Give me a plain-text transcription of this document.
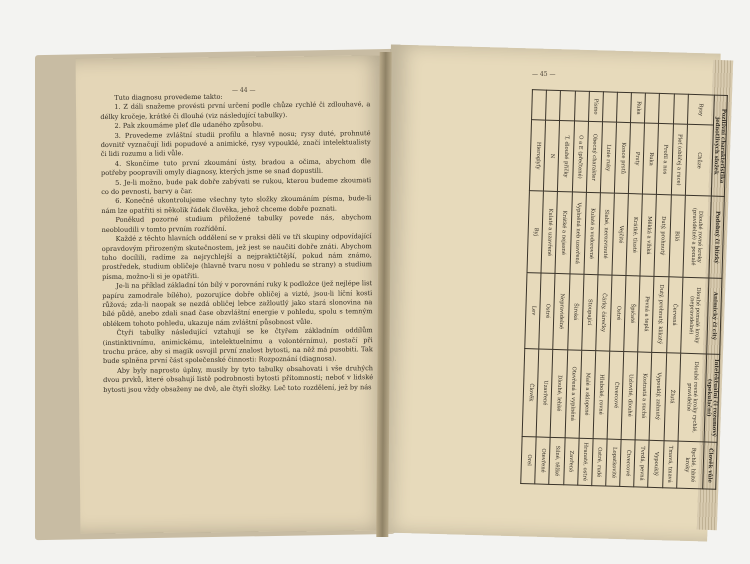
— 44 —

Tuto diagnosu provedeme takto:

1. Z dáli snažeme provésti první určení podle chůze rychlé či zdlouhavé, a délky kročeje, krátké či dlouhé (viz následující tabulky).

2. Pak zkoumáme pleť dle udaného způsobu.

3. Provedeme zvláštní studii profilu a hlavně nosu; rysy duté, prohnuté dovnitř vyznačují lidi popudové a animické, rysy vypouklé, značí intelektualisty či lidi rozumu a lidi vůle.

4. Skončíme tuto první zkoumání ústy, bradou a očima, abychom dle potřeby poopravili omyly diagnosy, kterých jsme se snad dopustili.

5. Je-li možno, bude pak dobře zabývati se rukou, kterou budeme zkoumati co do pevnosti, barvy a čar.

6. Konečně ukontrolujeme všechny tyto složky zkoumáním písma, bude-li nám lze opatřiti si několik řádek člověka, jehož chceme dobře poznati.

Poněkud pozorné studium přiložené tabulky povede nás, abychom neobloudili v tomto prvním rozřídění.

Každé z těchto hlavních oddělení se v praksi dělí ve tři skupiny odpovídající opravdovým přirozeným skutečnostem, jež jest se naučiti dobře znáti. Abychom toho docílili, radíme za nejrychlejší a nejpraktičtější, pokud nám známo, prostředek, studium obličeje (hlavně tvaru nosu v pohledu se strany) a studium písma, možno-li si je opatřiti.

Je-li na příklad základní tón bílý v porovnání ruky k podložce (jež nejlépe list papíru zamodrale bílého), pozorujíce dobře obličej a vizté, jsou-li líční kosti růžová; zda-li naopak se nezdá obličej lebce zažloutlý jako stará slonovina na bílé půdě, anebo zdali snad čase obzvláštní energie v pohledu, spolu s temným oblékem tohoto pohledu, ukazuje nám zvláštní působnost vůle.

Čtyři tabulky následující vztahují se ke čtyřem základním oddílům (instinktivnímu, animickému, intelektuelnímu a volontérnímu), postačí při trochu práce, aby si magik osvojil první znalost bytosti, na něž má pusobiti. Tak bude splněna první část společenské činnosti: Rozpoznání (diagnosa).

Aby byly naprosto úplny, musily by tyto tabulky obsahovati i vše druhých dvou prvků, které obsahují listě podrobnosti bytosti přítomnosti; neboť v lidské bytosti jsou vždy obsaženy ne dvě, ale čtyři složky. Leč toto rozdělení, jež by nás

— 45 —
Pozitivní charakteristika jednotlivých složek		Podobný či blízký	Animický či citý	Intelektuální či rozumový (spekulační)	Člověk vůle
Rysy	Chůze	Dlouhé rovné kroky (pravidelné) a pomalé	Dlouhé pomalé kroky (nepravidelné)	Dlouhé rovné kroky rychlé, pravidelné	Rychlé, hbité kroky
	Pleť (obličej a ruce)	Bílá	Červená	Žlutá	Tmavá, tmavá
	Profil a nos	Dutý, prohnutý	Dutý, prohnutý, klikatý	Vypouklý, zahnutý	Vypouklý
	Ruka	Měkká a vlhká	Pevná a teplá	Kostnatá a suchá	Tvrdá, pevná
Ruka	Prsty	Krátké, tlusté	Špičaté	Uzlovité, dlouhé	Čtvercové
	Konce prstů	Vejčité	Ostré	Čtvercové	Lopatkovité
	Linie ruky	Slabé, nerozvinuté	Čárky, čárečky	Hluboké, rovné	Ostré, rudé
Písmo	Obecný charakter	Kulaté a vodorovné	Stoupající	Malé a sklopené	Hranaté, ostré
	O a E (přečtené)	Vyplněná neb uzavřená	Široká	Otevřená a vyplněná	Zavřená
	T, dlouhé příčky	Krátké a nejasné	Nepravidelné	Dlouhé, lehké	Silné, těžké
	N	Kulaté a uzavřené	Ostré	Uzavřené	Otevřené
	Hieroglyfy	Byj	Lev	Člověk	Orel
